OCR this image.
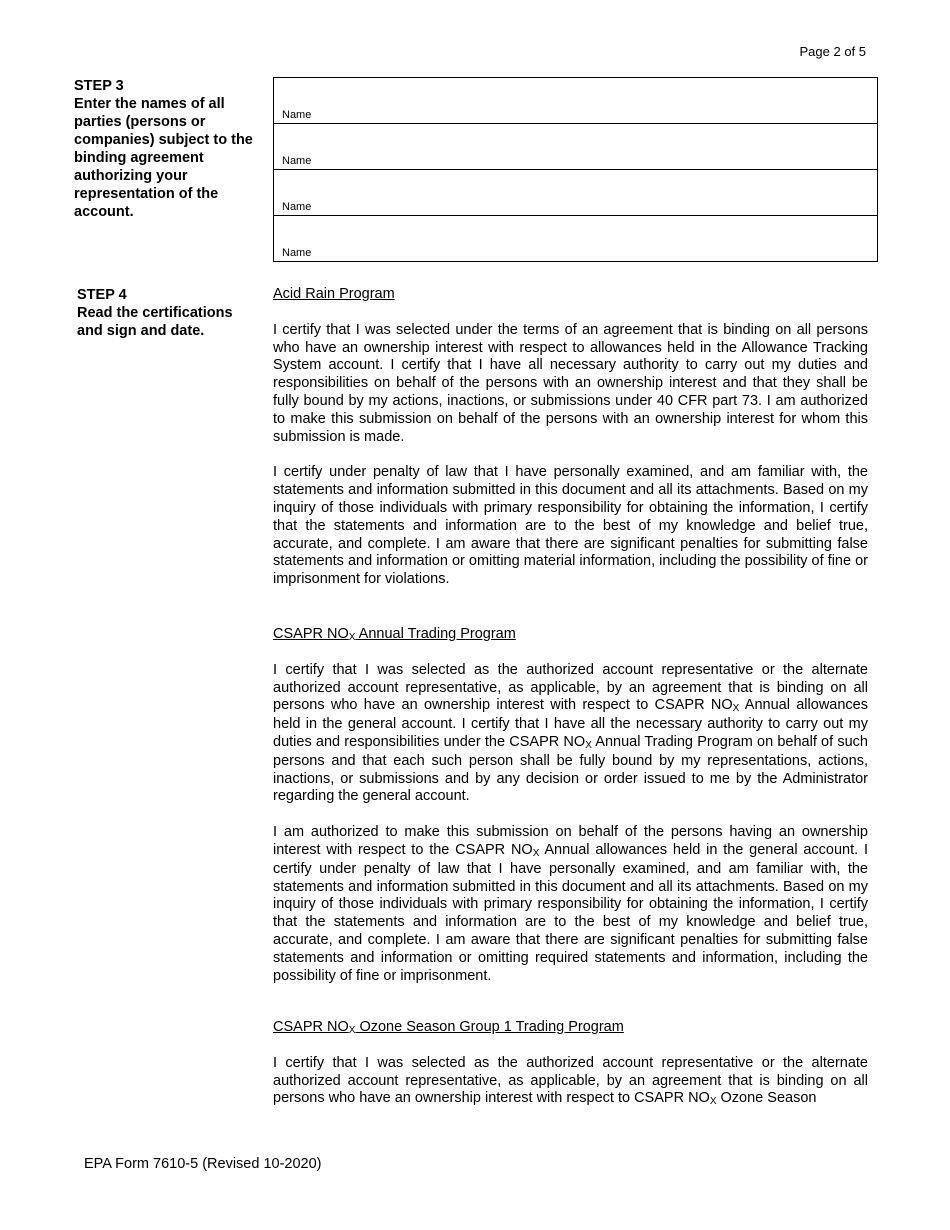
Page 2 of 5
STEP 3
Enter the names of all parties (persons or companies) subject to the binding agreement authorizing your representation of the account.
Name
Name
Name
Name
STEP 4
Read the certifications and sign and date.

Acid Rain Program

I certify that I was selected under the terms of an agreement that is binding on all persons who have an ownership interest with respect to allowances held in the Allowance Tracking System account. I certify that I have all necessary authority to carry out my duties and responsibilities on behalf of the persons with an ownership interest and that they shall be fully bound by my actions, inactions, or submissions under 40 CFR part 73. I am authorized to make this submission on behalf of the persons with an ownership interest for whom this submission is made.

I certify under penalty of law that I have personally examined, and am familiar with, the statements and information submitted in this document and all its attachments. Based on my inquiry of those individuals with primary responsibility for obtaining the information, I certify that the statements and information are to the best of my knowledge and belief true, accurate, and complete. I am aware that there are significant penalties for submitting false statements and information or omitting material information, including the possibility of fine or imprisonment for violations.

CSAPR $NO_X$ Annual Trading Program

I certify that I was selected as the authorized account representative or the alternate authorized account representative, as applicable, by an agreement that is binding on all persons who have an ownership interest with respect to CSAPR $NO_X$ Annual allowances held in the general account. I certify that I have all the necessary authority to carry out my duties and responsibilities under the CSAPR $NO_X$ Annual Trading Program on behalf of such persons and that each such person shall be fully bound by my representations, actions, inactions, or submissions and by any decision or order issued to me by the Administrator regarding the general account.

I am authorized to make this submission on behalf of the persons having an ownership interest with respect to the CSAPR $NO_X$ Annual allowances held in the general account. I certify under penalty of law that I have personally examined, and am familiar with, the statements and information submitted in this document and all its attachments. Based on my inquiry of those individuals with primary responsibility for obtaining the information, I certify that the statements and information are to the best of my knowledge and belief true, accurate, and complete. I am aware that there are significant penalties for submitting false statements and information or omitting required statements and information, including the possibility of fine or imprisonment.

CSAPR $NO_X$ Ozone Season Group 1 Trading Program

I certify that I was selected as the authorized account representative or the alternate authorized account representative, as applicable, by an agreement that is binding on all persons who have an ownership interest with respect to CSAPR $NO_X$ Ozone Season

EPA Form 7610-5 (Revised 10-2020)
